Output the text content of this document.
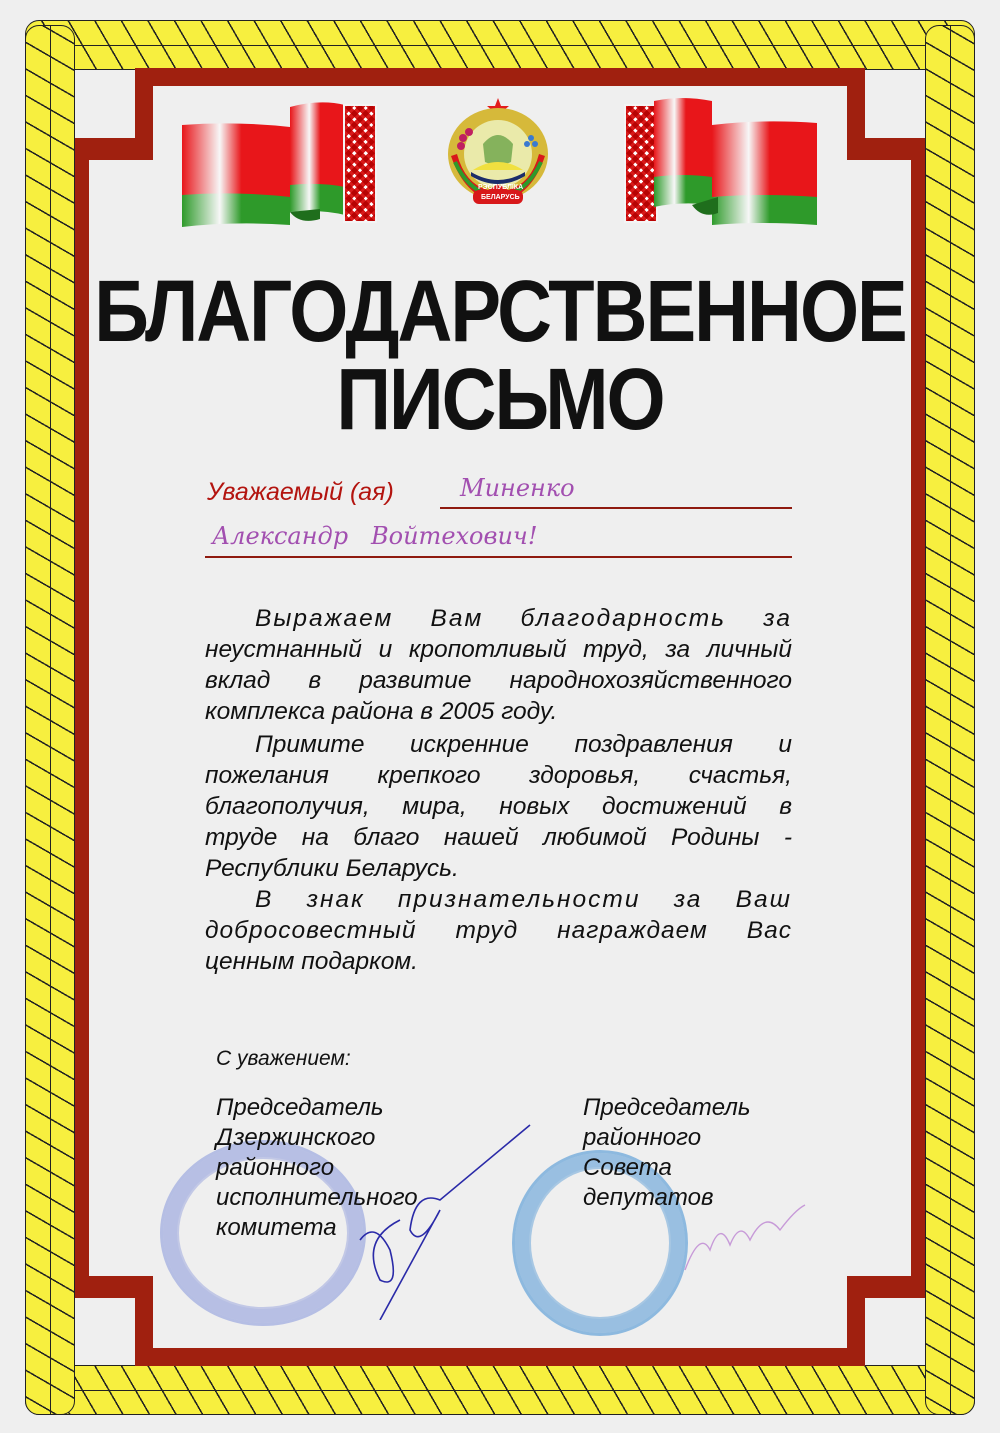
РЭСПУБЛІКА
БЕЛАРУСЬ
БЛАГОДАРСТВЕННОЕ
ПИСЬМО
Уважаемый (ая)	Миненко
Александр   Войтехович!

Выражаем Вам благодарность за

неустнанный и кропотливый труд, за личный

вклад в развитие народнохозяйственного

комплекса района в 2005 году.

Примите искренние поздравления и

пожелания крепкого здоровья, счастья,

благополучия, мира, новых достижений в

труде на благо нашей любимой Родины -

Республики Беларусь.

В знак признательности за Ваш

добросовестный труд награждаем Вас

ценным подарком.

С уважением:
Председатель
Дзержинского
районного
исполнительного
комитета
Председатель
районного
Совета
депутатов
